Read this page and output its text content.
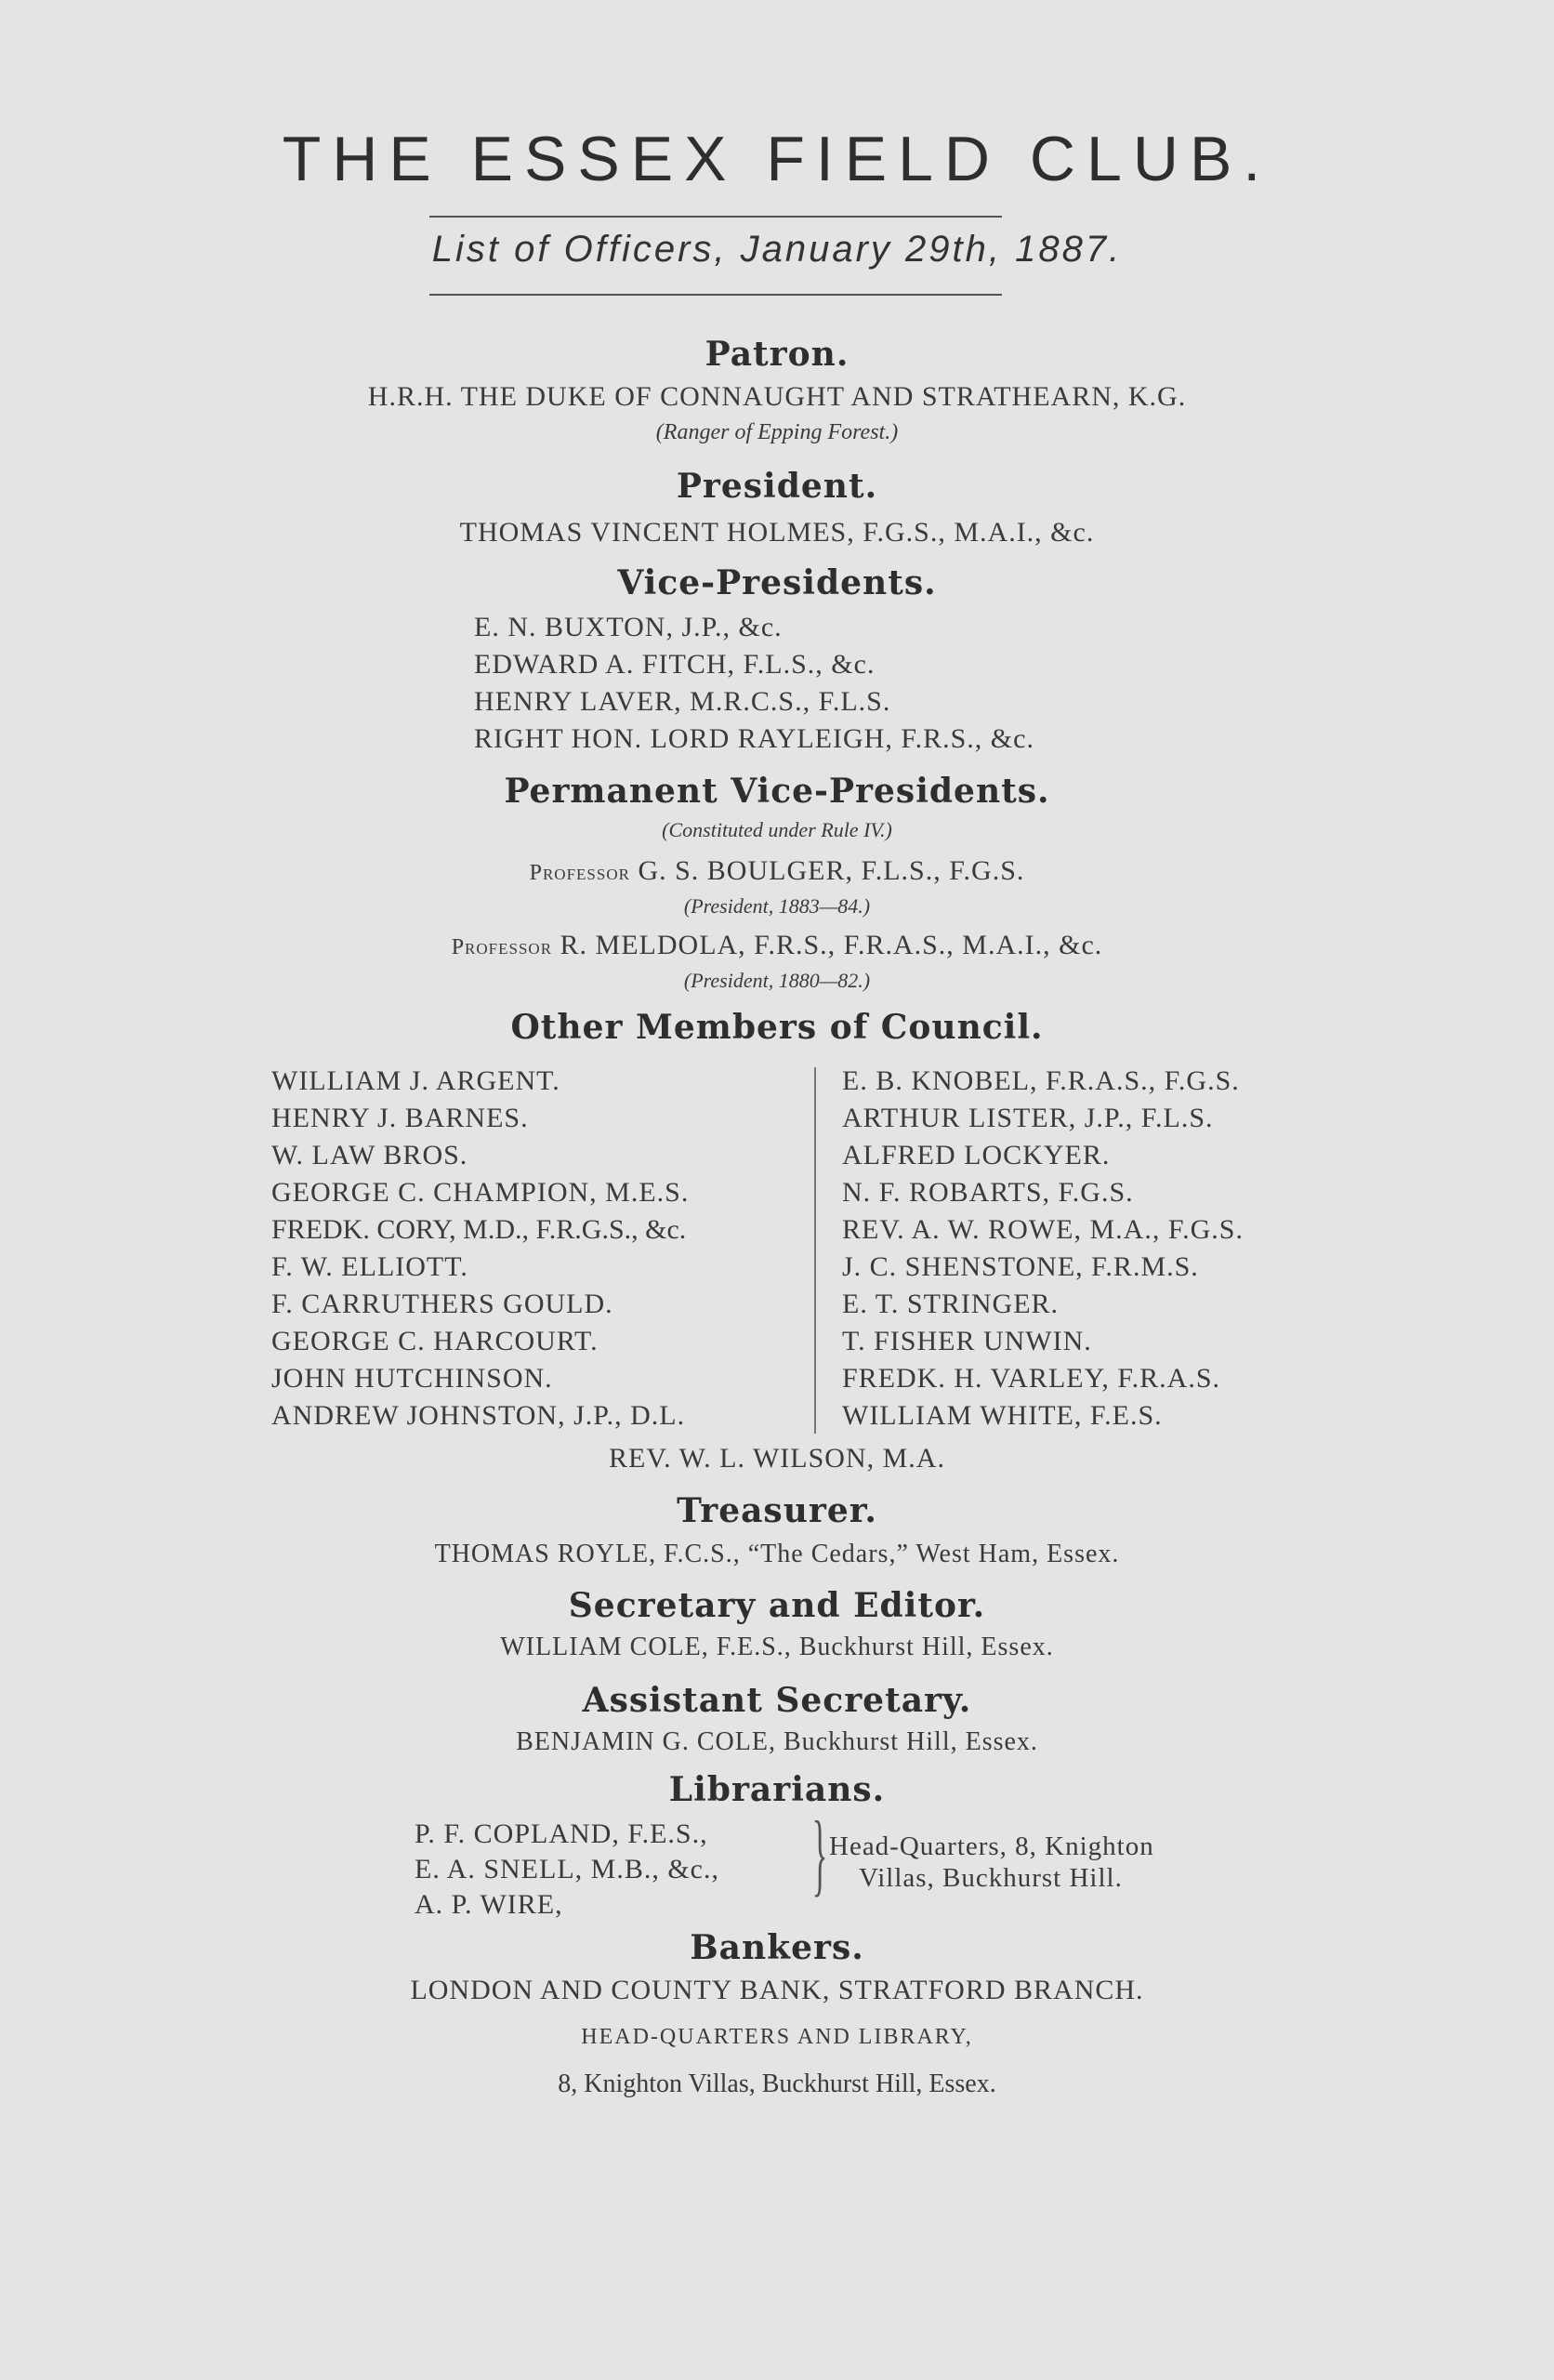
THE ESSEX FIELD CLUB.
List of Officers, January 29th, 1887.
Patron.
H.R.H. THE DUKE OF CONNAUGHT AND STRATHEARN, K.G.
(Ranger of Epping Forest.)
President.
THOMAS VINCENT HOLMES, F.G.S., M.A.I., &c.
Vice-Presidents.
E. N. BUXTON, J.P., &c.
EDWARD A. FITCH, F.L.S., &c.
HENRY LAVER, M.R.C.S., F.L.S.
RIGHT HON. LORD RAYLEIGH, F.R.S., &c.
Permanent Vice-Presidents.
(Constituted under Rule IV.)
Professor G. S. BOULGER, F.L.S., F.G.S.
(President, 1883—84.)
Professor R. MELDOLA, F.R.S., F.R.A.S., M.A.I., &c.
(President, 1880—82.)
Other Members of Council.
WILLIAM J. ARGENT.
HENRY J. BARNES.
W. LAW BROS.
GEORGE C. CHAMPION, M.E.S.
FREDK. CORY, M.D., F.R.G.S., &c.
F. W. ELLIOTT.
F. CARRUTHERS GOULD.
GEORGE C. HARCOURT.
JOHN HUTCHINSON.
ANDREW JOHNSTON, J.P., D.L.
E. B. KNOBEL, F.R.A.S., F.G.S.
ARTHUR LISTER, J.P., F.L.S.
ALFRED LOCKYER.
N. F. ROBARTS, F.G.S.
REV. A. W. ROWE, M.A., F.G.S.
J. C. SHENSTONE, F.R.M.S.
E. T. STRINGER.
T. FISHER UNWIN.
FREDK. H. VARLEY, F.R.A.S.
WILLIAM WHITE, F.E.S.
REV. W. L. WILSON, M.A.
Treasurer.
THOMAS ROYLE, F.C.S., “The Cedars,” West Ham, Essex.
Secretary and Editor.
WILLIAM COLE, F.E.S., Buckhurst Hill, Essex.
Assistant Secretary.
BENJAMIN G. COLE, Buckhurst Hill, Essex.
Librarians.
P. F. COPLAND, F.E.S.,
E. A. SNELL, M.B., &c.,
A. P. WIRE,	} Head-Quarters, 8, Knighton
Villas, Buckhurst Hill.
Bankers.
LONDON AND COUNTY BANK, STRATFORD BRANCH.
HEAD-QUARTERS AND LIBRARY,
8, Knighton Villas, Buckhurst Hill, Essex.
